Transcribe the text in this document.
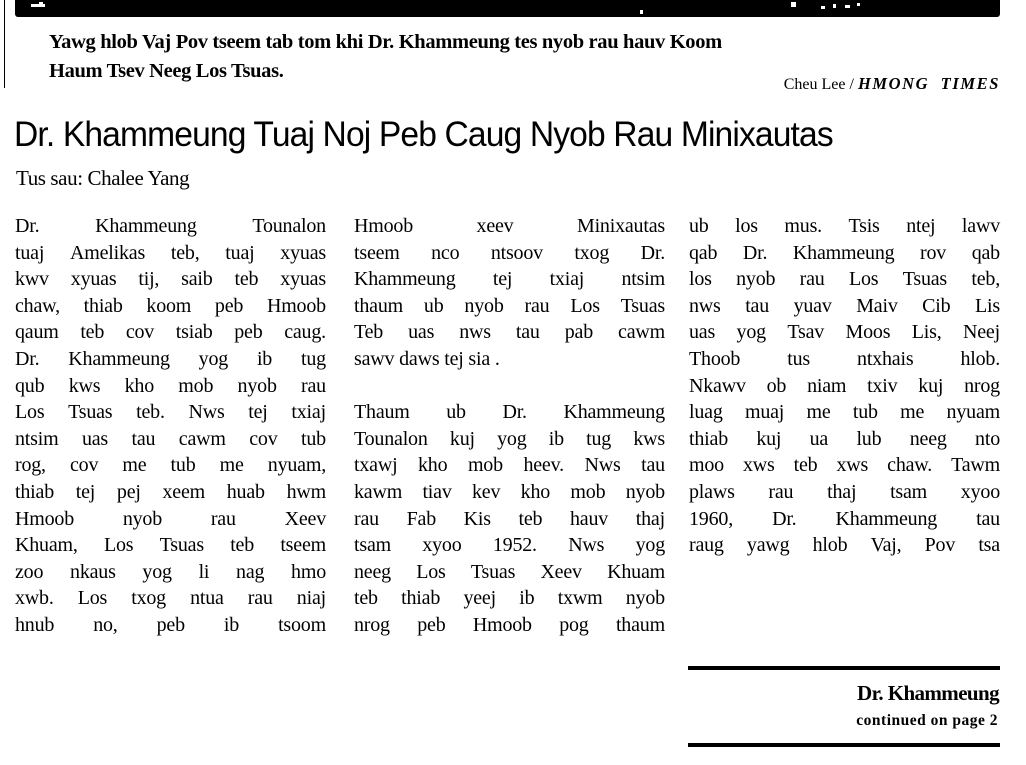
Yawg hlob Vaj Pov tseem tab tom khi Dr. Khammeung tes nyob rau hauv Koom
Haum Tsev Neeg Los Tsuas.
Cheu Lee / HMONG  TIMES
Dr. Khammeung Tuaj Noj Peb Caug Nyob Rau Minixautas
Tus sau: Chalee Yang
Dr.	Khammeung	Tounalon
tuaj Amelikas teb, tuaj xyuas
kwv xyuas tij, saib teb xyuas
chaw, thiab koom peb Hmoob
qaum teb cov tsiab peb caug.
Dr. Khammeung yog ib tug
qub kws kho mob nyob rau
Los Tsuas teb. Nws tej txiaj
ntsim uas tau cawm cov tub
rog, cov me tub me nyuam,
thiab tej pej xeem huab hwm
Hmoob nyob rau Xeev
Khuam, Los Tsuas teb tseem
zoo nkaus yog li nag hmo
xwb. Los txog ntua rau niaj
hnub no, peb ib tsoom
Hmoob	xeev	Minixautas
tseem nco ntsoov txog Dr.
Khammeung tej txiaj ntsim
thaum ub nyob rau Los Tsuas
Teb uas nws tau pab cawm
sawv daws tej sia .
Thaum ub Dr. Khammeung
Tounalon kuj yog ib tug kws
txawj kho mob heev. Nws tau
kawm tiav kev kho mob nyob
rau Fab Kis teb hauv thaj
tsam xyoo 1952. Nws yog
neeg Los Tsuas Xeev Khuam
teb thiab yeej ib txwm nyob
nrog peb Hmoob pog thaum
ub los mus. Tsis ntej lawv
qab Dr. Khammeung rov qab
los nyob rau Los Tsuas teb,
nws tau yuav Maiv Cib Lis
uas yog Tsav Moos Lis, Neej
Thoob tus ntxhais hlob.
Nkawv ob niam txiv kuj nrog
luag muaj me tub me nyuam
thiab kuj ua lub neeg nto
moo xws teb xws chaw. Tawm
plaws rau thaj tsam xyoo
1960, Dr. Khammeung tau
raug yawg hlob Vaj, Pov tsa
Dr. Khammeung
continued on page 2
